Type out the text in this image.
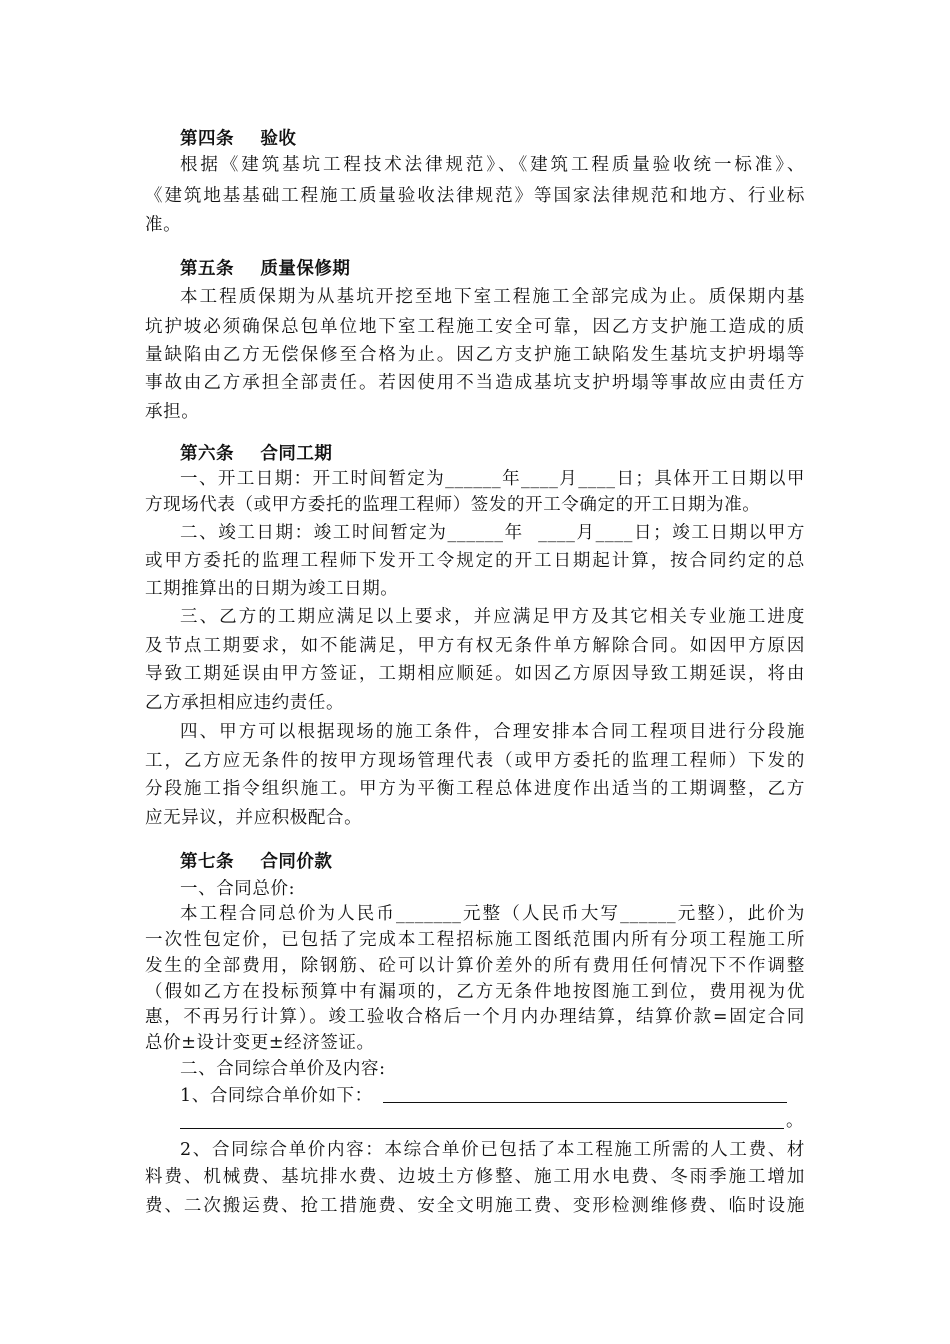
第四条    验收
根据《建筑基坑工程技术法律规范》、《建筑工程质量验收统一标准》、
《建筑地基基础工程施工质量验收法律规范》等国家法律规范和地方、行业标
准。
第五条    质量保修期
本工程质保期为从基坑开挖至地下室工程施工全部完成为止。质保期内基
坑护坡必须确保总包单位地下室工程施工安全可靠，因乙方支护施工造成的质
量缺陷由乙方无偿保修至合格为止。因乙方支护施工缺陷发生基坑支护坍塌等
事故由乙方承担全部责任。若因使用不当造成基坑支护坍塌等事故应由责任方
承担。
第六条    合同工期
一、开工日期：开工时间暂定为______年____月____日；具体开工日期以甲
方现场代表（或甲方委托的监理工程师）签发的开工令确定的开工日期为准。
二、竣工日期：竣工时间暂定为______年  ____月____日；竣工日期以甲方
或甲方委托的监理工程师下发开工令规定的开工日期起计算，按合同约定的总
工期推算出的日期为竣工日期。
三、乙方的工期应满足以上要求，并应满足甲方及其它相关专业施工进度
及节点工期要求，如不能满足，甲方有权无条件单方解除合同。如因甲方原因
导致工期延误由甲方签证，工期相应顺延。如因乙方原因导致工期延误，将由
乙方承担相应违约责任。
四、甲方可以根据现场的施工条件，合理安排本合同工程项目进行分段施
工，乙方应无条件的按甲方现场管理代表（或甲方委托的监理工程师）下发的
分段施工指令组织施工。甲方为平衡工程总体进度作出适当的工期调整，乙方
应无异议，并应积极配合。
第七条    合同价款
一、合同总价:
本工程合同总价为人民币_______元整（人民币大写______元整），此价为
一次性包定价，已包括了完成本工程招标施工图纸范围内所有分项工程施工所
发生的全部费用，除钢筋、砼可以计算价差外的所有费用任何情况下不作调整
（假如乙方在投标预算中有漏项的，乙方无条件地按图施工到位，费用视为优
惠，不再另行计算）。竣工验收合格后一个月内办理结算，结算价款=固定合同
总价±设计变更±经济签证。
二、合同综合单价及内容:
1、合同综合单价如下：
。
2、合同综合单价内容：本综合单价已包括了本工程施工所需的人工费、材
料费、机械费、基坑排水费、边坡土方修整、施工用水电费、冬雨季施工增加
费、二次搬运费、抢工措施费、安全文明施工费、变形检测维修费、临时设施
